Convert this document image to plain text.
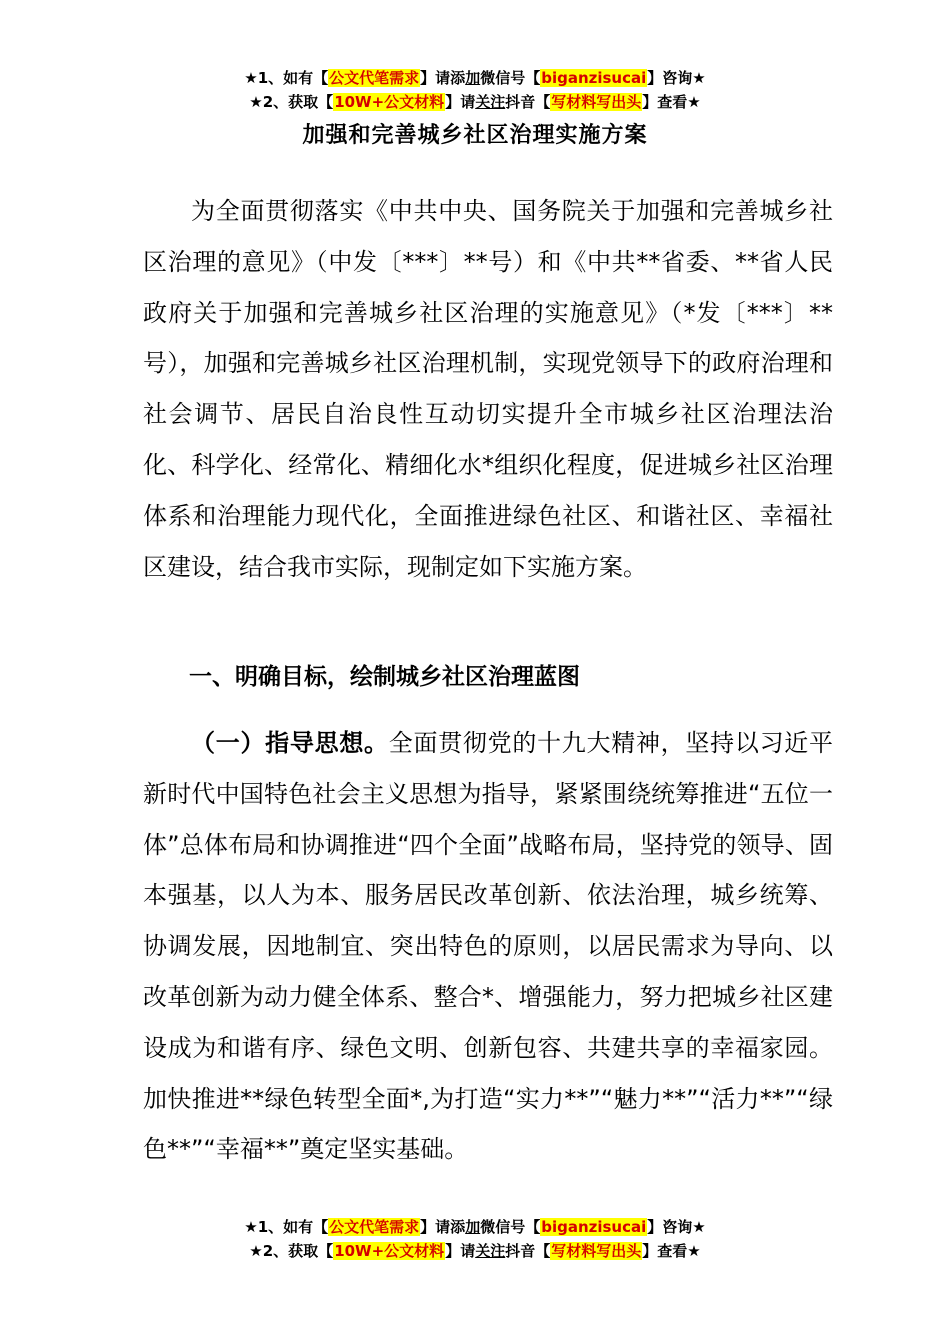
★1、如有【公文代笔需求】请添加微信号【biganzisucai】咨询★
★2、获取【10W+公文材料】请关注抖音【写材料写出头】查看★
加强和完善城乡社区治理实施方案

为全面贯彻落实《中共中央、国务院关于加强和完善城乡社区治理的意见》（中发〔***〕**号）和《中共**省委、**省人民政府关于加强和完善城乡社区治理的实施意见》（*发〔***〕**号），加强和完善城乡社区治理机制，实现党领导下的政府治理和社会调节、居民自治良性互动切实提升全市城乡社区治理法治化、科学化、经常化、精细化水*组织化程度，促进城乡社区治理体系和治理能力现代化，全面推进绿色社区、和谐社区、幸福社区建设，结合我市实际，现制定如下实施方案。

一、明确目标，绘制城乡社区治理蓝图

（一）指导思想。全面贯彻党的十九大精神，坚持以习近平新时代中国特色社会主义思想为指导，紧紧围绕统筹推进“五位一体”总体布局和协调推进“四个全面”战略布局，坚持党的领导、固本强基，以人为本、服务居民改革创新、依法治理，城乡统筹、协调发展，因地制宜、突出特色的原则，以居民需求为导向、以改革创新为动力健全体系、整合*、增强能力，努力把城乡社区建设成为和谐有序、绿色文明、创新包容、共建共享的幸福家园。加快推进**绿色转型全面*,为打造“实力**”“魅力**”“活力**”“绿色**”“幸福**”奠定坚实基础。

★1、如有【公文代笔需求】请添加微信号【biganzisucai】咨询★
★2、获取【10W+公文材料】请关注抖音【写材料写出头】查看★
